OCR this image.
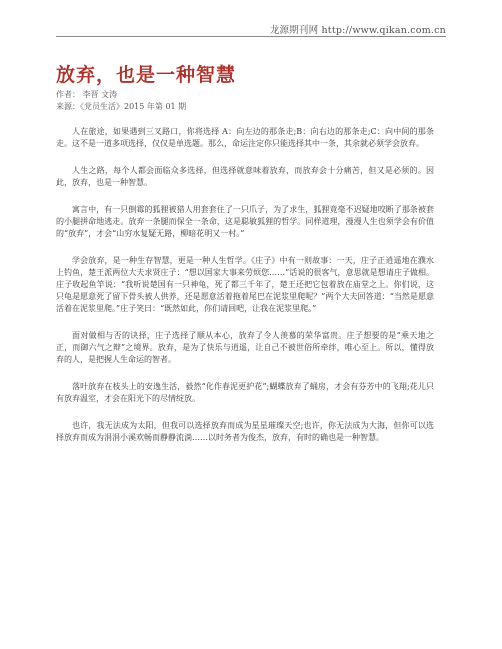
龙源期刊网 http://www.qikan.com.cn
放弃，也是一种智慧

作者： 李晋 文涛

来源：《党员生活》2015 年第 01 期

人在旅途，如果遇到三叉路口，你将选择 A：向左边的那条走;B：向右边的那条走;C：向中间的那条走。这不是一道多项选择，仅仅是单选题。那么，命运注定你只能选择其中一条，其余就必须学会放弃。

人生之路，每个人都会面临众多选择，但选择就意味着放弃，而放弃会十分痛苦，但又是必须的。因此，放弃，也是一种智慧。

寓言中，有一只倒霉的狐狸被猎人用套套住了一只爪子，为了求生，狐狸竟毫不迟疑地咬断了那条被套的小腿拼命地逃走。放弃一条腿而保全一条命，这是聪敏狐狸的哲学。同样道理，漫漫人生也须学会有价值的“放弃”，才会“山穷水复疑无路，柳暗花明又一村。”

学会放弃，是一种生存智慧，更是一种人生哲学。《庄子》中有一则故事：一天，庄子正逍遥地在濮水上钓鱼，楚王派两位大夫求贤庄子：“想以国家大事来劳烦您……”话说的很客气，意思就是想请庄子做相。庄子收起鱼竿说：“我听说楚国有一只神龟，死了都三千年了，楚王还把它包着放在庙堂之上。你们说，这只龟是愿意死了留下骨头被人供养，还是愿意活着拖着尾巴在泥浆里爬呢？”两个大夫回答道：“当然是愿意活着在泥浆里爬。”庄子笑曰：“既然如此，你们请回吧，让我在泥浆里爬。”

面对做相与否的诀择，庄子选择了顺从本心，放弃了令人羡慕的荣华富贵。庄子想要的是“乘天地之正，而御六气之辩”之境界。放弃，是为了快乐与逍遥，让自己不被世俗所牵绊，唯心至上。所以，懂得放弃的人，是把握人生命运的智者。

落叶放弃在枝头上的安逸生活，毅然“化作春泥更护花”;蝴蝶放弃了蛹房，才会有芬芳中的飞翔;花儿只有放弃温室，才会在阳光下的尽情绽放。

也许，我无法成为太阳，但我可以选择放弃而成为星星璀璨天空;也许，你无法成为大海，但你可以选择放弃而成为涓涓小溪欢畅而静静流淌……以时务者为俊杰，放弃，有时的确也是一种智慧。
